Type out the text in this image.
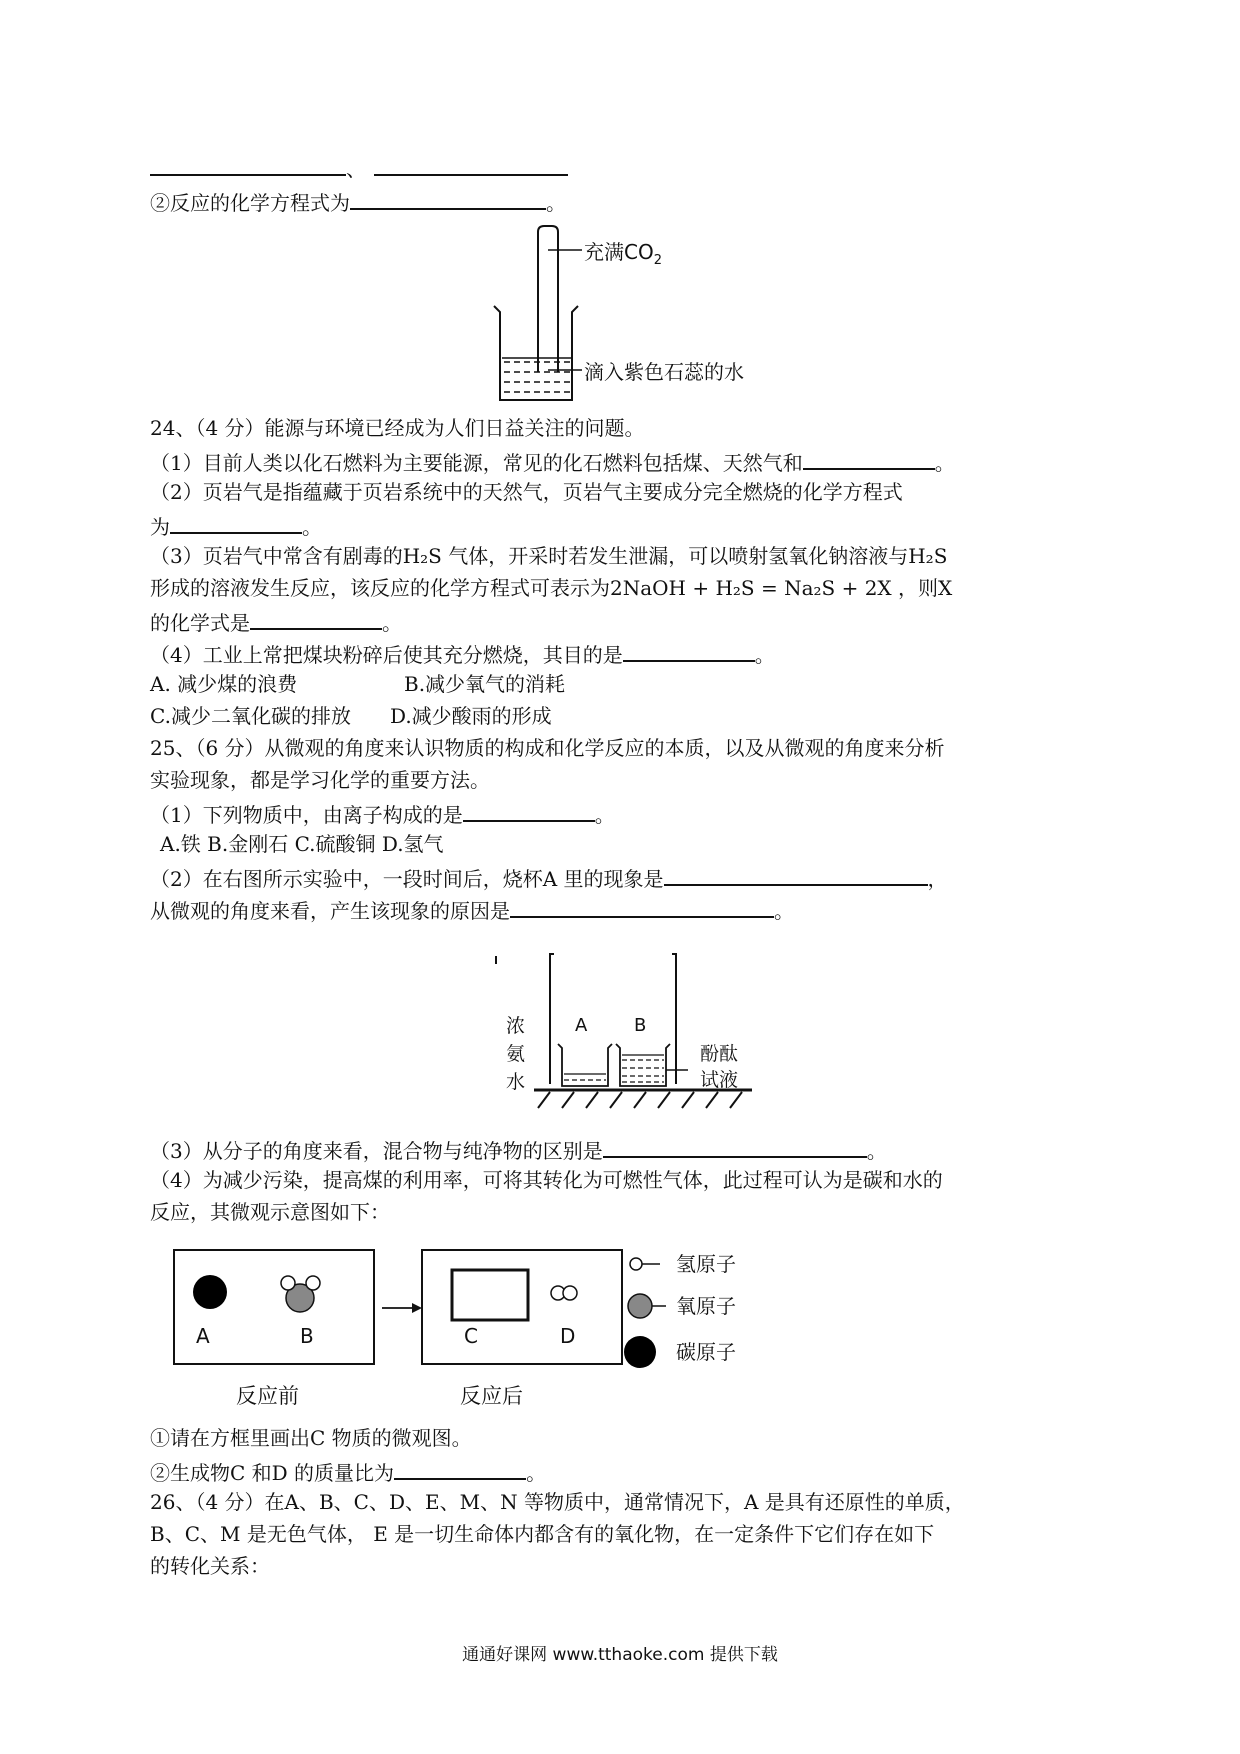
、
②反应的化学方程式为	。
充满$CO_2$
滴入紫色石蕊的水
24、（4 分）能源与环境已经成为人们日益关注的问题。
（1）目前人类以化石燃料为主要能源，常见的化石燃料包括煤、天然气和	。
（2）页岩气是指蕴藏于页岩系统中的天然气，页岩气主要成分完全燃烧的化学方程式
为	。
（3）页岩气中常含有剧毒的H₂S 气体，开采时若发生泄漏，可以喷射氢氧化钠溶液与H₂S
形成的溶液发生反应，该反应的化学方程式可表示为2NaOH + H₂S = Na₂S + 2X ，则X
的化学式是	。
（4）工业上常把煤块粉碎后使其充分燃烧，其目的是	。
A. 减少煤的浪费	B.减少氧气的消耗
C.减少二氧化碳的排放 D.减少酸雨的形成
25、（6 分）从微观的角度来认识物质的构成和化学反应的本质，以及从微观的角度来分析
实验现象，都是学习化学的重要方法。
（1）下列物质中，由离子构成的是	。
A.铁 B.金刚石 C.硫酸铜 D.氢气
（2）在右图所示实验中，一段时间后，烧杯A 里的现象是	，
从微观的角度来看，产生该现象的原因是	。
浓
氨
水
A	B
酚酞
试液
（3）从分子的角度来看，混合物与纯净物的区别是	。
（4）为减少污染，提高煤的利用率，可将其转化为可燃性气体，此过程可认为是碳和水的
反应，其微观示意图如下：
A	B	C	D
氢原子
氧原子
碳原子
反应前	反应后
①请在方框里画出C 物质的微观图。
②生成物C 和D 的质量比为	。
26、（4 分）在A、B、C、D、E、M、N 等物质中，通常情况下，A 是具有还原性的单质，
B、C、M 是无色气体， E 是一切生命体内都含有的氧化物，在一定条件下它们存在如下
的转化关系：
通通好课网 www.tthaoke.com 提供下载
